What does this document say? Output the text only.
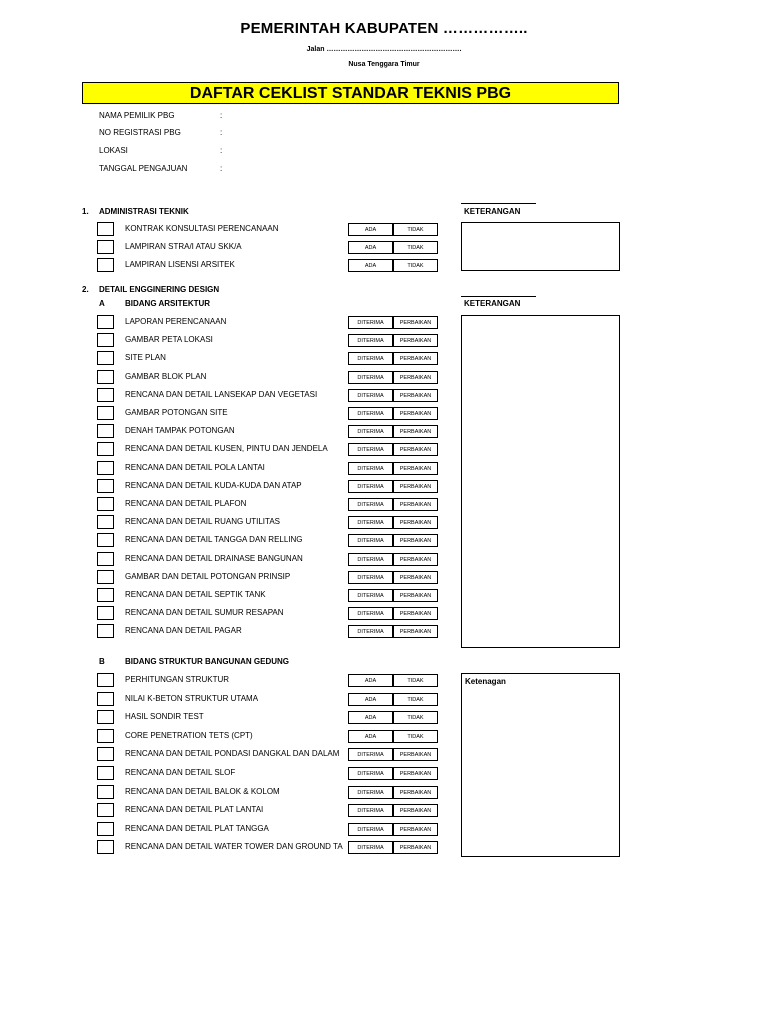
PEMERINTAH KABUPATEN ……………..
Jalan ………………………………………………….
Nusa Tenggara Timur
DAFTAR CEKLIST STANDAR TEKNIS PBG
NAMA PEMILIK PBG	:
NO REGISTRASI PBG	:
LOKASI	:
TANGGAL PENGAJUAN	:
1. ADMINISTRASI TEKNIK	KETERANGAN
KONTRAK KONSULTASI PERENCANAAN	ADA	TIDAK
LAMPIRAN STRA/I ATAU SKK/A	ADA	TIDAK
LAMPIRAN LISENSI ARSITEK	ADA	TIDAK
2. DETAIL ENGGINERING DESIGN
A	BIDANG ARSITEKTUR	KETERANGAN
LAPORAN PERENCANAAN	DITERIMA	PERBAIKAN
GAMBAR PETA LOKASI	DITERIMA	PERBAIKAN
SITE PLAN	DITERIMA	PERBAIKAN
GAMBAR BLOK PLAN	DITERIMA	PERBAIKAN
RENCANA DAN DETAIL LANSEKAP DAN VEGETASI	DITERIMA	PERBAIKAN
GAMBAR POTONGAN SITE	DITERIMA	PERBAIKAN
DENAH TAMPAK POTONGAN	DITERIMA	PERBAIKAN
RENCANA DAN DETAIL KUSEN, PINTU DAN JENDELA	DITERIMA	PERBAIKAN
RENCANA DAN DETAIL POLA LANTAI	DITERIMA	PERBAIKAN
RENCANA DAN DETAIL KUDA-KUDA DAN ATAP	DITERIMA	PERBAIKAN
RENCANA DAN DETAIL PLAFON	DITERIMA	PERBAIKAN
RENCANA DAN DETAIL RUANG UTILITAS	DITERIMA	PERBAIKAN
RENCANA DAN DETAIL TANGGA DAN RELLING	DITERIMA	PERBAIKAN
RENCANA DAN DETAIL DRAINASE BANGUNAN	DITERIMA	PERBAIKAN
GAMBAR DAN DETAIL POTONGAN PRINSIP	DITERIMA	PERBAIKAN
RENCANA DAN DETAIL SEPTIK TANK	DITERIMA	PERBAIKAN
RENCANA DAN DETAIL SUMUR RESAPAN	DITERIMA	PERBAIKAN
RENCANA DAN DETAIL PAGAR	DITERIMA	PERBAIKAN
B	BIDANG STRUKTUR BANGUNAN GEDUNG
Ketenagan
PERHITUNGAN STRUKTUR	ADA	TIDAK
NILAI K-BETON STRUKTUR UTAMA	ADA	TIDAK
HASIL SONDIR TEST	ADA	TIDAK
CORE PENETRATION TETS (CPT)	ADA	TIDAK
RENCANA DAN DETAIL PONDASI DANGKAL DAN DALAM	DITERIMA	PERBAIKAN
RENCANA DAN DETAIL SLOF	DITERIMA	PERBAIKAN
RENCANA DAN DETAIL BALOK & KOLOM	DITERIMA	PERBAIKAN
RENCANA DAN DETAIL PLAT LANTAI	DITERIMA	PERBAIKAN
RENCANA DAN DETAIL PLAT TANGGA	DITERIMA	PERBAIKAN
RENCANA DAN DETAIL WATER TOWER DAN GROUND TA	DITERIMA	PERBAIKAN
